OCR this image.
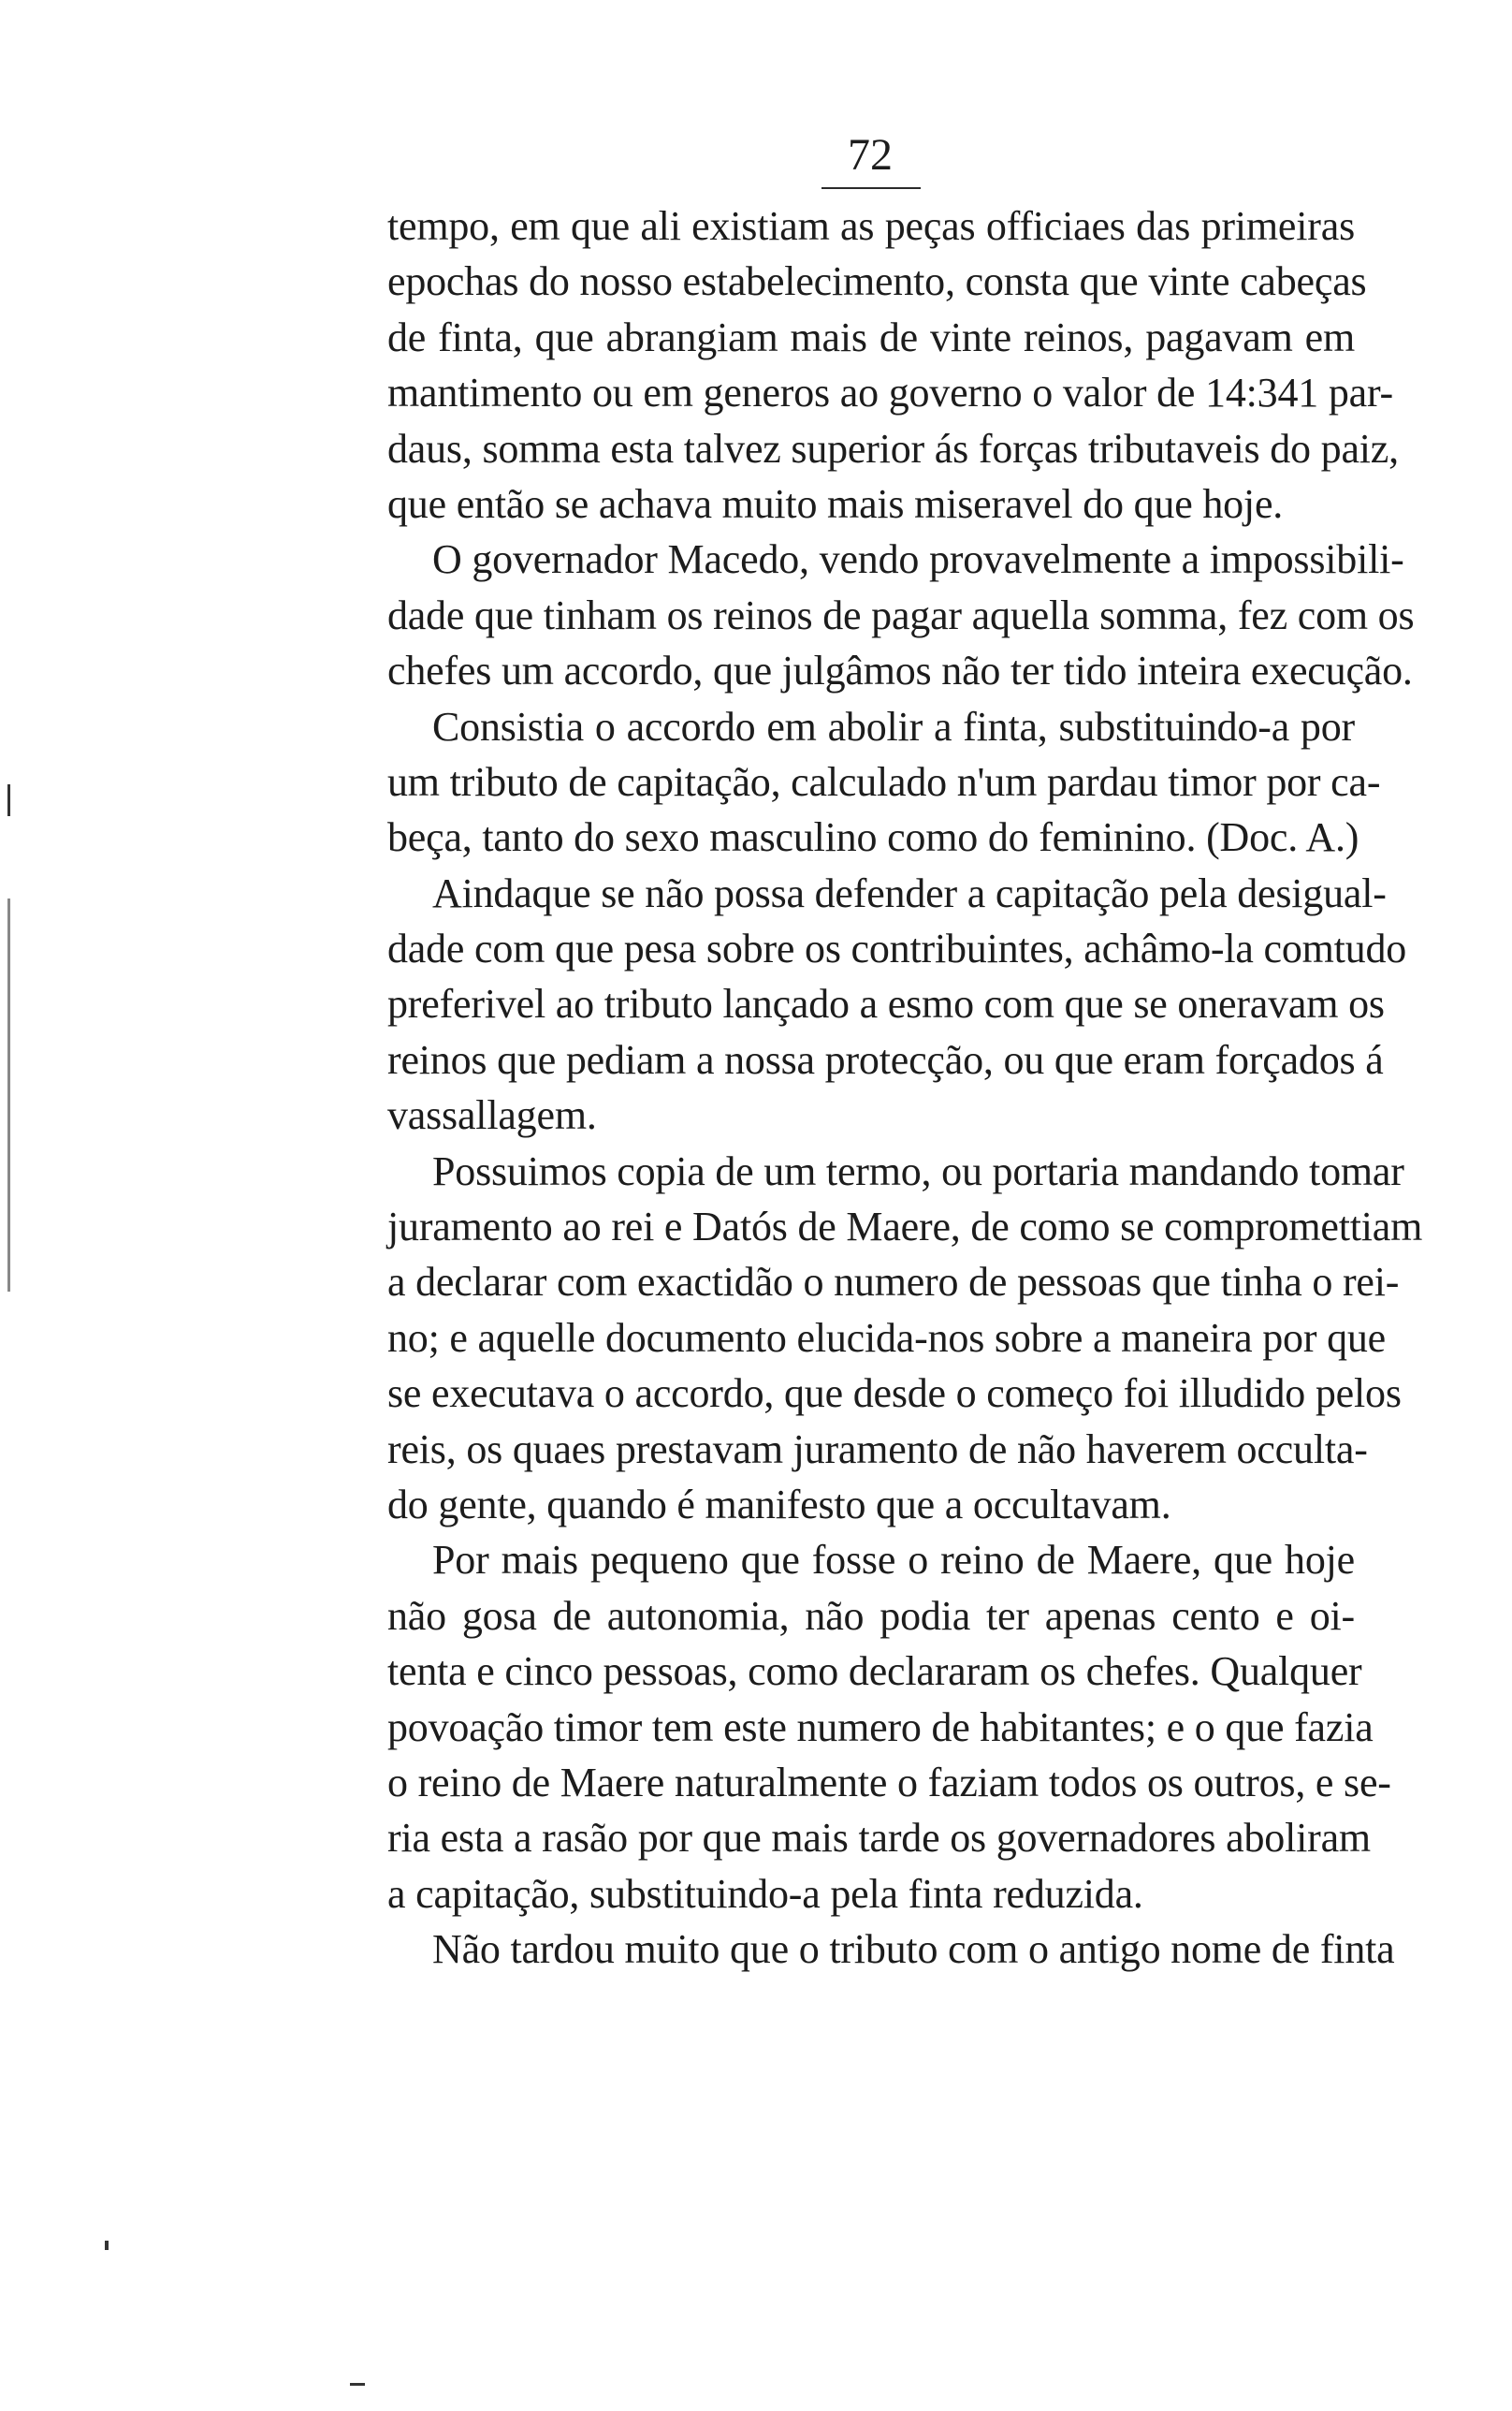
72
tempo, em que ali existiam as peças officiaes das primeiras
epochas do nosso estabelecimento, consta que vinte cabeças
de finta, que abrangiam mais de vinte reinos, pagavam em
mantimento ou em generos ao governo o valor de 14:341 par-
daus, somma esta talvez superior ás forças tributaveis do paiz,
que então se achava muito mais miseravel do que hoje.
O governador Macedo, vendo provavelmente a impossibili-
dade que tinham os reinos de pagar aquella somma, fez com os
chefes um accordo, que julgâmos não ter tido inteira execução.
Consistia o accordo em abolir a finta, substituindo-a por
um tributo de capitação, calculado n'um pardau timor por ca-
beça, tanto do sexo masculino como do feminino. (Doc. A.)
Aindaque se não possa defender a capitação pela desigual-
dade com que pesa sobre os contribuintes, achâmo-la comtudo
preferivel ao tributo lançado a esmo com que se oneravam os
reinos que pediam a nossa protecção, ou que eram forçados á
vassallagem.
Possuimos copia de um termo, ou portaria mandando tomar
juramento ao rei e Datós de Maere, de como se compromettiam
a declarar com exactidão o numero de pessoas que tinha o rei-
no; e aquelle documento elucida-nos sobre a maneira por que
se executava o accordo, que desde o começo foi illudido pelos
reis, os quaes prestavam juramento de não haverem occulta-
do gente, quando é manifesto que a occultavam.
Por mais pequeno que fosse o reino de Maere, que hoje
não gosa de autonomia, não podia ter apenas cento e oi-
tenta e cinco pessoas, como declararam os chefes. Qualquer
povoação timor tem este numero de habitantes; e o que fazia
o reino de Maere naturalmente o faziam todos os outros, e se-
ria esta a rasão por que mais tarde os governadores aboliram
a capitação, substituindo-a pela finta reduzida.
Não tardou muito que o tributo com o antigo nome de finta
